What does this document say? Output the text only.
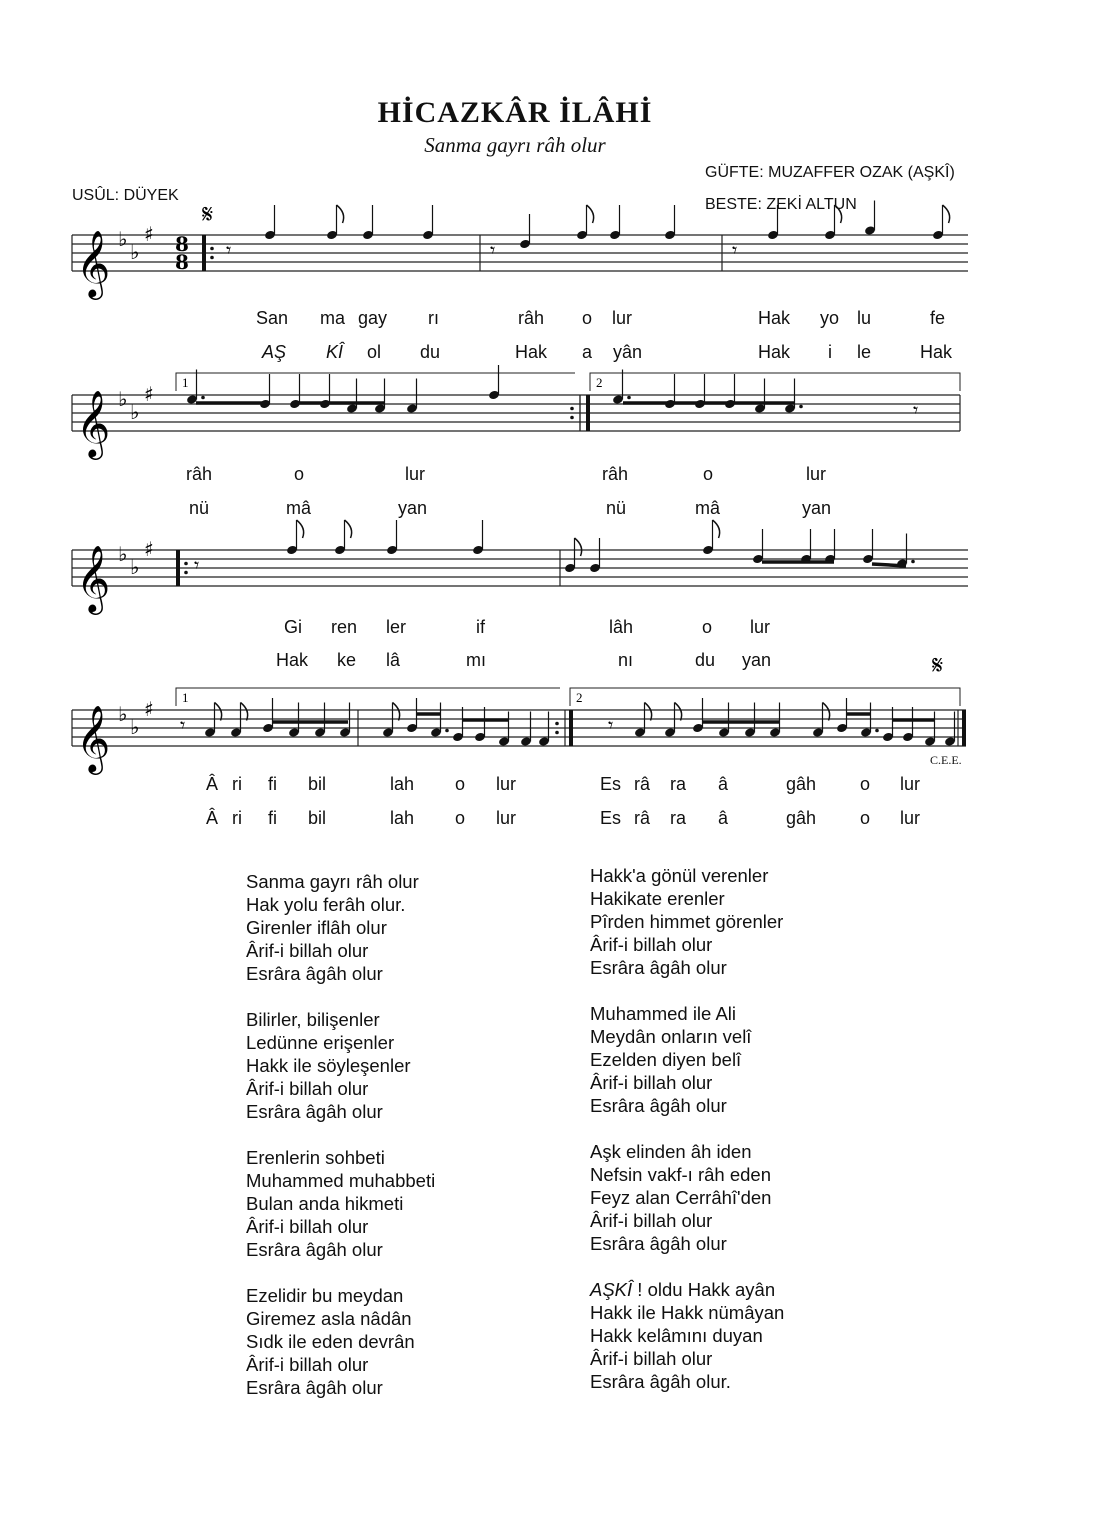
HİCAZKÂR İLÂHİ
Sanma gayrı râh olur
GÜFTE: MUZAFFER OZAK (AŞKÎ)
USÛL: DÜYEK
BESTE: ZEKİ ALTUN
𝄞 ♭
♭
♯ 8
8 𝄾	𝄾	𝄾
𝄋
𝄞 ♭
♭
♯ 1	2
𝄾
𝄞 ♭
♭
♯
𝄾
𝄞 ♭
♭
♯ 1	2
𝄾	𝄾
𝄋
C.E.E.
San ma gay rı	râh o lur	Hak yo lu	fe
AŞ KÎ ol du	Hak a yân	Hak i le	Hak
râh	o	lur	râh	o	lur
nü	mâ	yan	nü	mâ	yan
Gi ren ler	if	lâh	o lur
Hak ke lâ	mı	nı	du yan
Â ri fi bil	lah o lur	Es râ ra â	gâh o lur
Â ri fi bil	lah o lur	Es râ ra â	gâh o lur
Sanma gayrı râh olur
Hak yolu ferâh olur.
Girenler iflâh olur
Ârif-i billah olur
Esrâra âgâh olur
Bilirler, bilişenler
Ledünne erişenler
Hakk ile söyleşenler
Ârif-i billah olur
Esrâra âgâh olur
Erenlerin sohbeti
Muhammed muhabbeti
Bulan anda hikmeti
Ârif-i billah olur
Esrâra âgâh olur
Ezelidir bu meydan
Giremez asla nâdân
Sıdk ile eden devrân
Ârif-i billah olur
Esrâra âgâh olur
Hakk'a gönül verenler
Hakikate erenler
Pîrden himmet görenler
Ârif-i billah olur
Esrâra âgâh olur
Muhammed ile Ali
Meydân onların velî
Ezelden diyen belî
Ârif-i billah olur
Esrâra âgâh olur
Aşk elinden âh iden
Nefsin vakf-ı râh eden
Feyz alan Cerrâhî'den
Ârif-i billah olur
Esrâra âgâh olur
AŞKÎ ! oldu Hakk ayân
Hakk ile Hakk nümâyan
Hakk kelâmını duyan
Ârif-i billah olur
Esrâra âgâh olur.
